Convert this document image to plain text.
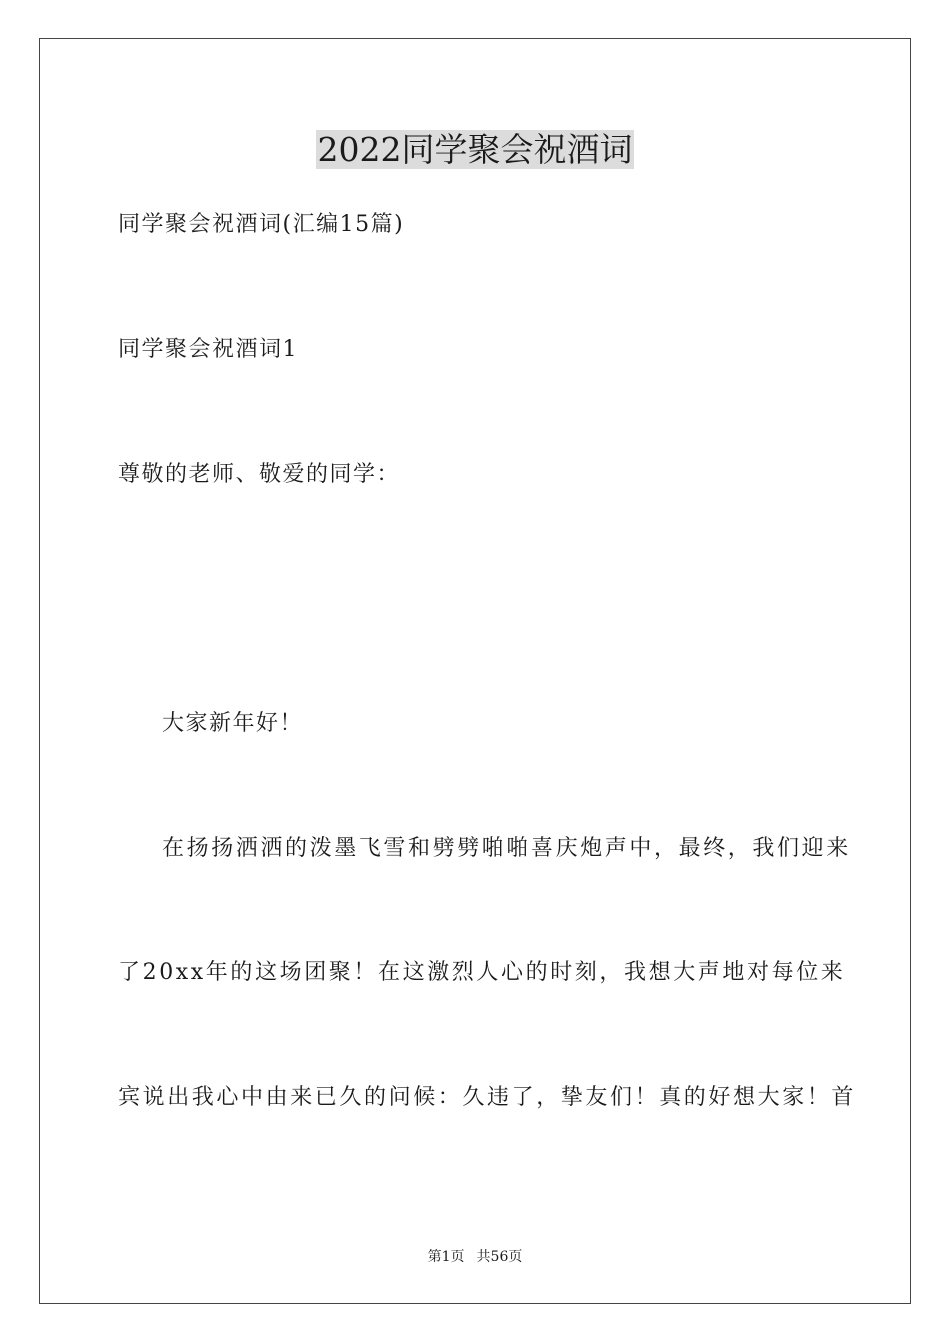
2022同学聚会祝酒词
同学聚会祝酒词(汇编15篇)
同学聚会祝酒词1
尊敬的老师、敬爱的同学：
大家新年好！
在扬扬洒洒的泼墨飞雪和劈劈啪啪喜庆炮声中，最终，我们迎来
了20xx年的这场团聚！在这激烈人心的时刻，我想大声地对每位来
宾说出我心中由来已久的问候：久违了，挚友们！真的好想大家！首
第1页 共56页
